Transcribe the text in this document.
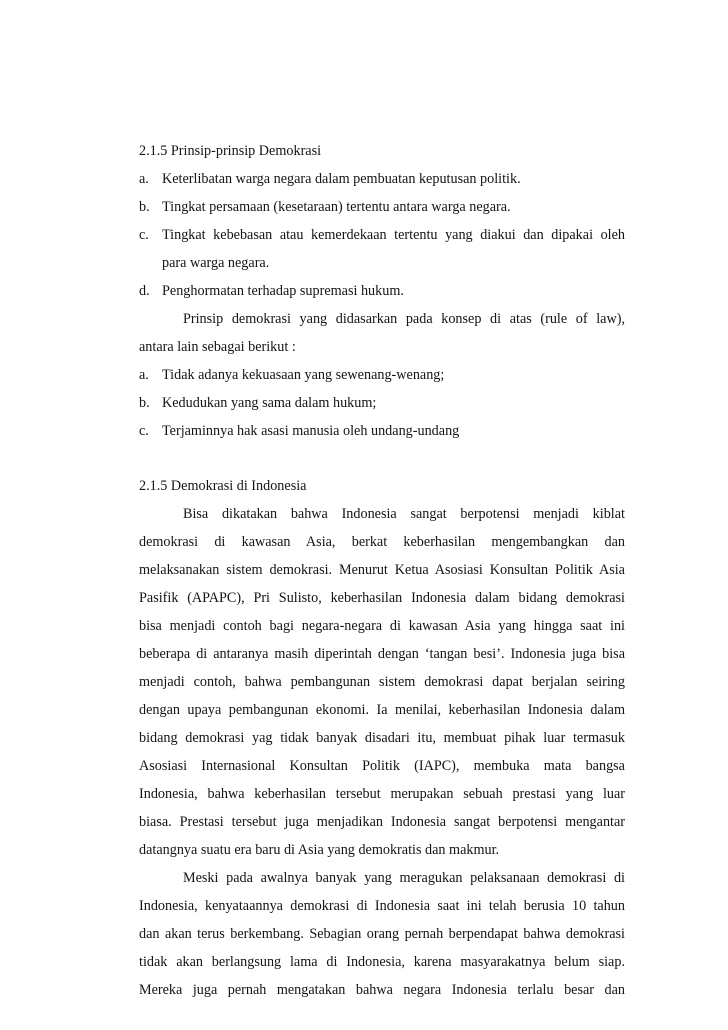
2.1.5 Prinsip-prinsip Demokrasi
a. Keterlibatan warga negara dalam pembuatan keputusan politik.
b. Tingkat persamaan (kesetaraan) tertentu antara warga negara.
c. Tingkat kebebasan atau kemerdekaan tertentu yang diakui dan dipakai oleh
para warga negara.
d. Penghormatan terhadap supremasi hukum.
Prinsip demokrasi yang didasarkan pada konsep di atas (rule of law),
antara lain sebagai berikut :
a. Tidak adanya kekuasaan yang sewenang-wenang;
b. Kedudukan yang sama dalam hukum;
c. Terjaminnya hak asasi manusia oleh undang-undang
2.1.5 Demokrasi di Indonesia
Bisa dikatakan bahwa Indonesia sangat berpotensi menjadi kiblat
demokrasi di kawasan Asia, berkat keberhasilan mengembangkan dan
melaksanakan sistem demokrasi. Menurut Ketua Asosiasi Konsultan Politik Asia
Pasifik (APAPC), Pri Sulisto, keberhasilan Indonesia dalam bidang demokrasi
bisa menjadi contoh bagi negara-negara di kawasan Asia yang hingga saat ini
beberapa di antaranya masih diperintah dengan ‘tangan besi’. Indonesia juga bisa
menjadi contoh, bahwa pembangunan sistem demokrasi dapat berjalan seiring
dengan upaya pembangunan ekonomi. Ia menilai, keberhasilan Indonesia dalam
bidang demokrasi yag tidak banyak disadari itu, membuat pihak luar termasuk
Asosiasi Internasional Konsultan Politik (IAPC), membuka mata bangsa
Indonesia, bahwa keberhasilan tersebut merupakan sebuah prestasi yang luar
biasa. Prestasi tersebut juga menjadikan Indonesia sangat berpotensi mengantar
datangnya suatu era baru di Asia yang demokratis dan makmur.
Meski pada awalnya banyak yang meragukan pelaksanaan demokrasi di
Indonesia, kenyataannya demokrasi di Indonesia saat ini telah berusia 10 tahun
dan akan terus berkembang. Sebagian orang pernah berpendapat bahwa demokrasi
tidak akan berlangsung lama di Indonesia, karena masyarakatnya belum siap.
Mereka juga pernah mengatakan bahwa negara Indonesia terlalu besar dan
